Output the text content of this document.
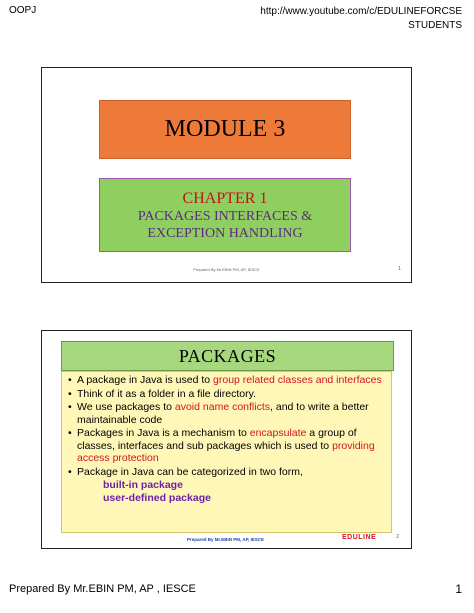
OOPJ	http://www.youtube.com/c/EDULINEFORCSE
STUDENTS
MODULE 3
CHAPTER 1
PACKAGES INTERFACES &
EXCEPTION HANDLING
Prepared By Mr.EBIN PM, AP, IESCE	1
PACKAGES
• A package in Java is used to group related classes and interfaces
• Think of it as a folder in a file directory.
• We use packages to avoid name conflicts, and to write a better maintainable code
• Packages in Java is a mechanism to encapsulate a group of classes, interfaces and sub packages which is used to providing access protection
• Package in Java can be categorized in two form,
built-in package
user-defined package
Prepared By Mr.EBIN PM, AP, IESCE	EDULINE	2
Prepared By Mr.EBIN PM, AP , IESCE	1
